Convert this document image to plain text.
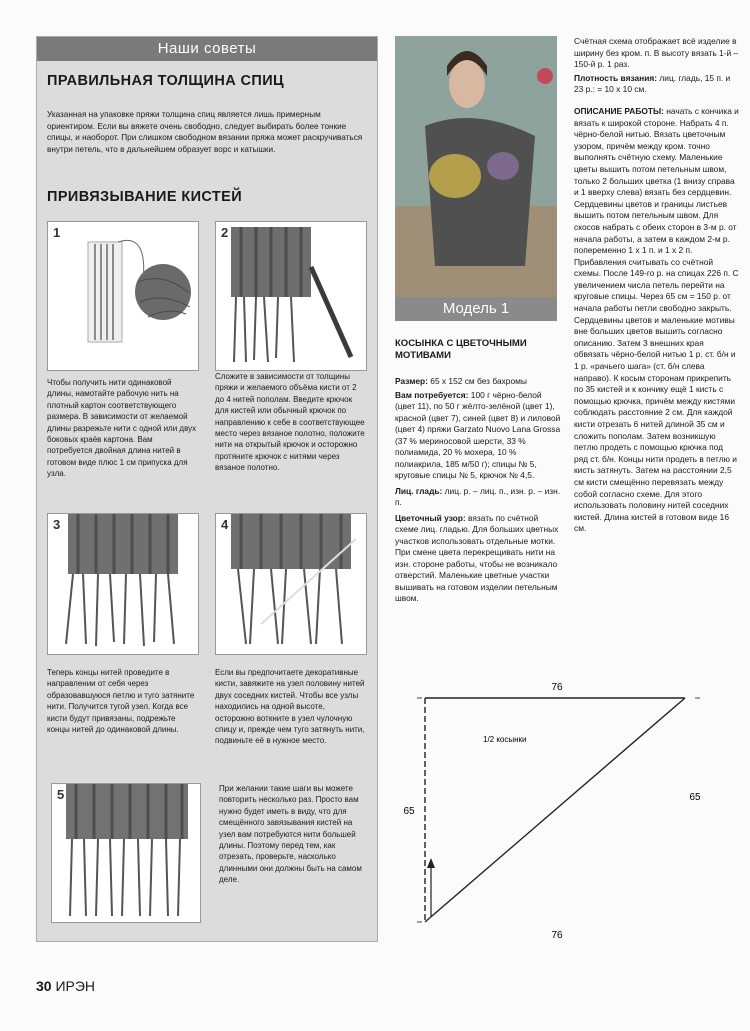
Наши советы
ПРАВИЛЬНАЯ ТОЛЩИНА СПИЦ
Указанная на упаковке пряжи толщина спиц является лишь примерным ориентиром. Если вы вяжете очень свободно, следует выбирать более тонкие спицы, и наоборот. При слишком свободном вязании пряжа может раскручиваться внутри петель, что в дальнейшем образует ворс и катышки.
ПРИВЯЗЫВАНИЕ КИСТЕЙ
1	2
Чтобы получить нити одинаковой длины, намотайте рабочую нить на плотный картон соответствующего размера. В зависимости от желаемой длины разрежьте нити с одной или двух боковых краёв картона. Вам потребуется двойная длина нитей в готовом виде плюс 1 см припуска для узла.
Сложите в зависимости от толщины пряжи и желаемого объёма кисти от 2 до 4 нитей пополам. Введите крючок для кистей или обычный крючок по направлению к себе в соответствующее место через вязаное полотно, положите нити на открытый крючок и осторожно протяните крючок с нитями через вязаное полотно.
3	4
Теперь концы нитей проведите в направлении от себя через образовавшуюся петлю и туго затяните нити. Получится тугой узел. Когда все кисти будут привязаны, подрежьте концы нитей до одинаковой длины.
Если вы предпочитаете декоративные кисти, завяжите на узел половину нитей двух соседних кистей. Чтобы все узлы находились на одной высоте, осторожно воткните в узел чулочную спицу и, прежде чем туго затянуть нити, подвиньте её в нужное место.
5	При желании такие шаги вы можете повторить несколько раз. Просто вам нужно будет иметь в виду, что для смещённого завязывания кистей на узел вам потребуются нити большей длины. Поэтому перед тем, как отрезать, проверьте, насколько длинными они должны быть на самом деле.
Модель 1
КОСЫНКА С ЦВЕТОЧНЫМИ МОТИВАМИ

Размер: 65 х 152 см без бахромы

Вам потребуется: 100 г чёрно-белой (цвет 11), по 50 г жёлто-зелёной (цвет 1), красной (цвет 7), синей (цвет 8) и лиловой (цвет 4) пряжи Garzato Nuovo Lana Grossa (37 % мериносовой шерсти, 33 % полиамида, 20 % мохера, 10 % полиакрила, 185 м/50 г); спицы № 5, круговые спицы № 5, крючок № 4,5.

Лиц. гладь: лиц. р. – лиц. п., изн. р. – изн. п.

Цветочный узор: вязать по счётной схеме лиц. гладью. Для больших цветных участков использовать отдельные мотки. При смене цвета перекрещивать нити на изн. стороне работы, чтобы не возникало отверстий. Маленькие цветные участки вышивать на готовом изделии петельным швом.

Счётная схема отображает всё изделие в ширину без кром. п. В высоту вязать 1-й – 150-й р. 1 раз.

Плотность вязания: лиц. гладь, 15 п. и 23 р.: = 10 х 10 см.

ОПИСАНИЕ РАБОТЫ: начать с кончика и вязать к широкой стороне. Набрать 4 п. чёрно-белой нитью. Вязать цветочным узором, причём между кром. точно выполнять счётную схему. Маленькие цветы вышить потом петельным швом, только 2 больших цветка (1 внизу справа и 1 вверху слева) вязать без сердцевин. Сердцевины цветов и границы листьев вышить потом петельным швом. Для скосов набрать с обеих сторон в 3-м р. от начала работы, а затем в каждом 2-м р. попеременно 1 х 1 п. и 1 х 2 п. Прибавления считывать со счётной схемы. После 149-го р. на спицах 226 п. С увеличением числа петель перейти на круговые спицы. Через 65 см = 150 р. от начала работы петли свободно закрыть.

Сердцевины цветов и маленькие мотивы вне больших цветов вышить согласно описанию. Затем 3 внешних края обвязать чёрно-белой нитью 1 р. ст. б/н и 1 р. «рачьего шага» (ст. б/н слева направо). К косым сторонам прикрепить по 35 кистей и к кончику ещё 1 кисть с помощью крючка, причём между кистями соблюдать расстояние 2 см. Для каждой кисти отрезать 6 нитей длиной 35 см и сложить пополам. Затем возникшую петлю продеть с помощью крючка под ряд ст. б/н. Концы нити продеть в петлю и кисть затянуть. Затем на расстоянии 2,5 см кисти смещённо перевязать между собой согласно схеме. Для этого использовать половину нитей соседних кистей. Длина кистей в готовом виде 16 см.

76
76
65
65
1/2 косынки
30 ИРЭН
